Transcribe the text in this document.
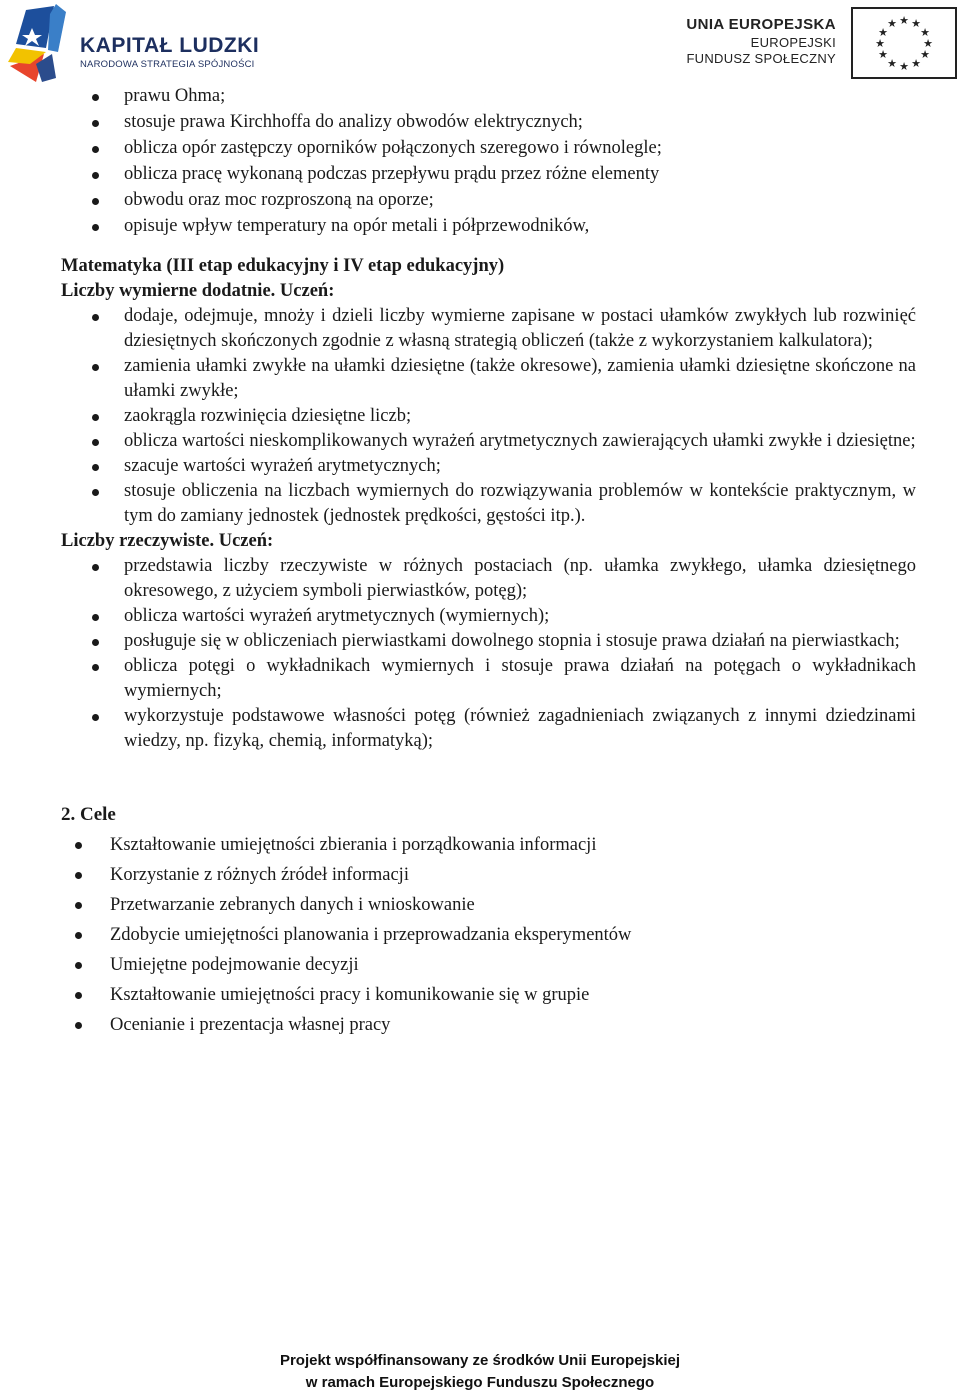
KAPITAŁ LUDZKI
NARODOWA STRATEGIA SPÓJNOŚCI
UNIA EUROPEJSKA
EUROPEJSKI
FUNDUSZ SPOŁECZNY
★ ★
★
★
★
★
★
★
★
★
★
★
prawu Ohma;
stosuje prawa Kirchhoffa do analizy obwodów elektrycznych;
oblicza opór zastępczy oporników połączonych szeregowo i równolegle;
oblicza pracę wykonaną podczas przepływu prądu przez różne elementy
obwodu oraz moc rozproszoną na oporze;
opisuje wpływ temperatury na opór metali i półprzewodników,
Matematyka (III etap edukacyjny i IV etap edukacyjny)
Liczby wymierne dodatnie. Uczeń:
dodaje, odejmuje, mnoży i dzieli liczby wymierne zapisane w postaci ułamków zwykłych lub rozwinięć dziesiętnych skończonych zgodnie z własną strategią obliczeń (także z wykorzystaniem kalkulatora);
zamienia ułamki zwykłe na ułamki dziesiętne (także okresowe), zamienia ułamki dziesiętne skończone na ułamki zwykłe;
zaokrągla rozwinięcia dziesiętne liczb;
oblicza wartości nieskomplikowanych wyrażeń arytmetycznych zawierających ułamki zwykłe i dziesiętne;
szacuje wartości wyrażeń arytmetycznych;
stosuje obliczenia na liczbach wymiernych do rozwiązywania problemów w kontekście praktycznym, w tym do zamiany jednostek (jednostek prędkości, gęstości itp.).
Liczby rzeczywiste. Uczeń:
przedstawia liczby rzeczywiste w różnych postaciach (np. ułamka zwykłego, ułamka dziesiętnego okresowego, z użyciem symboli pierwiastków, potęg);
oblicza wartości wyrażeń arytmetycznych (wymiernych);
posługuje się w obliczeniach pierwiastkami dowolnego stopnia i stosuje prawa działań na pierwiastkach;
oblicza potęgi o wykładnikach wymiernych i stosuje prawa działań na potęgach o wykładnikach wymiernych;
wykorzystuje podstawowe własności potęg (również zagadnieniach związanych z innymi dziedzinami wiedzy, np. fizyką, chemią, informatyką);
2. Cele
Kształtowanie umiejętności zbierania i porządkowania informacji
Korzystanie z różnych źródeł informacji
Przetwarzanie zebranych danych i wnioskowanie
Zdobycie umiejętności planowania i przeprowadzania eksperymentów
Umiejętne podejmowanie decyzji
Kształtowanie umiejętności pracy i komunikowanie się w grupie
Ocenianie i prezentacja własnej pracy
Projekt współfinansowany ze środków Unii Europejskiej
w ramach Europejskiego Funduszu Społecznego
